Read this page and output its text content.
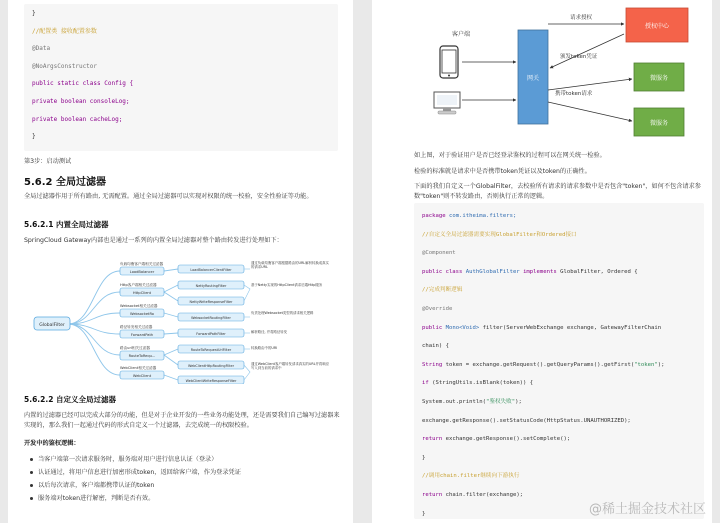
}
//配置类 接收配置参数
@Data
@NoArgsConstructor
public static class Config {
private boolean consoleLog;
private boolean cacheLog;
}
第3步：启动测试
5.6.2 全局过滤器
全局过滤器作用于所有路由, 无需配置。通过全局过滤器可以实现对权限的统一校验，安全性验证等功能。
5.6.2.1 内置全局过滤器
SpringCloud Gateway内部也是通过一系列的内置全局过滤器对整个路由转发进行处理如下：
GlobalFilter
负载均衡客户端相关过滤器
Http客户端相关过滤器
Websocket相关过滤器
路径转发相关过滤器
路由url相关过滤器
WebClient相关过滤器
LoadBalancer
HttpClient
WebsocketRo
ForwardPath
RouteToRequ...
WebClient
LoadBalancerClientFilter
NettyRoutingFilter
NettyWriteResponseFilter
WebsocketRoutingFilter
ForwardPathFilter
RouteToRequestUrlFilter
WebClientHttpRoutingFilter
WebClientWriteResponseFilter
通过负载均衡客户端根据路由的URL解析转换成真实的请求URL
基于Netty实现的HttpClient请求后端Http服务
负责处理Websocket类型的请求相关逻辑
解析路径, 并将路径转发
转换路由中的URI
通过WebClient客户端转发请求真实的URL并将响应写入到当前的请求中
5.6.2.2 自定义全局过滤器
内置的过滤器已经可以完成大部分的功能，但是对于企业开发的一些业务功能处理，还是需要我们自己编写过滤器来实现的，那么我们一起通过代码的形式自定义一个过滤器，去完成统一的权限校验。
开发中的鉴权逻辑：
当客户端第一次请求服务时，服务端对用户进行信息认证（登录）
认证通过，将用户信息进行加密形成token，返回给客户端，作为登录凭证
以后每次请求，客户端都携带认证的token
服务端对token进行解密，判断是否有效。
客户端
网关
授权中心
微服务
微服务
请求授权
颁发token凭证
携带token请求
如上图，对于验证用户是否已经登录鉴权的过程可以在网关统一检验。
检验的标准就是请求中是否携带token凭证以及token的正确性。
下面的我们自定义一个GlobalFilter，去校验所有请求的请求参数中是否包含"token"，如何不包含请求参数"token"则不转发路由，否则执行正常的逻辑。
package com.itheima.filters;
//自定义全局过滤器需要实现GlobalFilter和Ordered接口
@Component
public class AuthGlobalFilter implements GlobalFilter, Ordered {
//完成判断逻辑
@Override
public Mono<Void> filter(ServerWebExchange exchange, GatewayFilterChain
chain) {
String token = exchange.getRequest().getQueryParams().getFirst("token");
if (StringUtils.isBlank(token)) {
System.out.println("鉴权失败");
exchange.getResponse().setStatusCode(HttpStatus.UNAUTHORIZED);
return exchange.getResponse().setComplete();
}
//调用chain.filter继续向下游执行
return chain.filter(exchange);
}	@稀土掘金技术社区
